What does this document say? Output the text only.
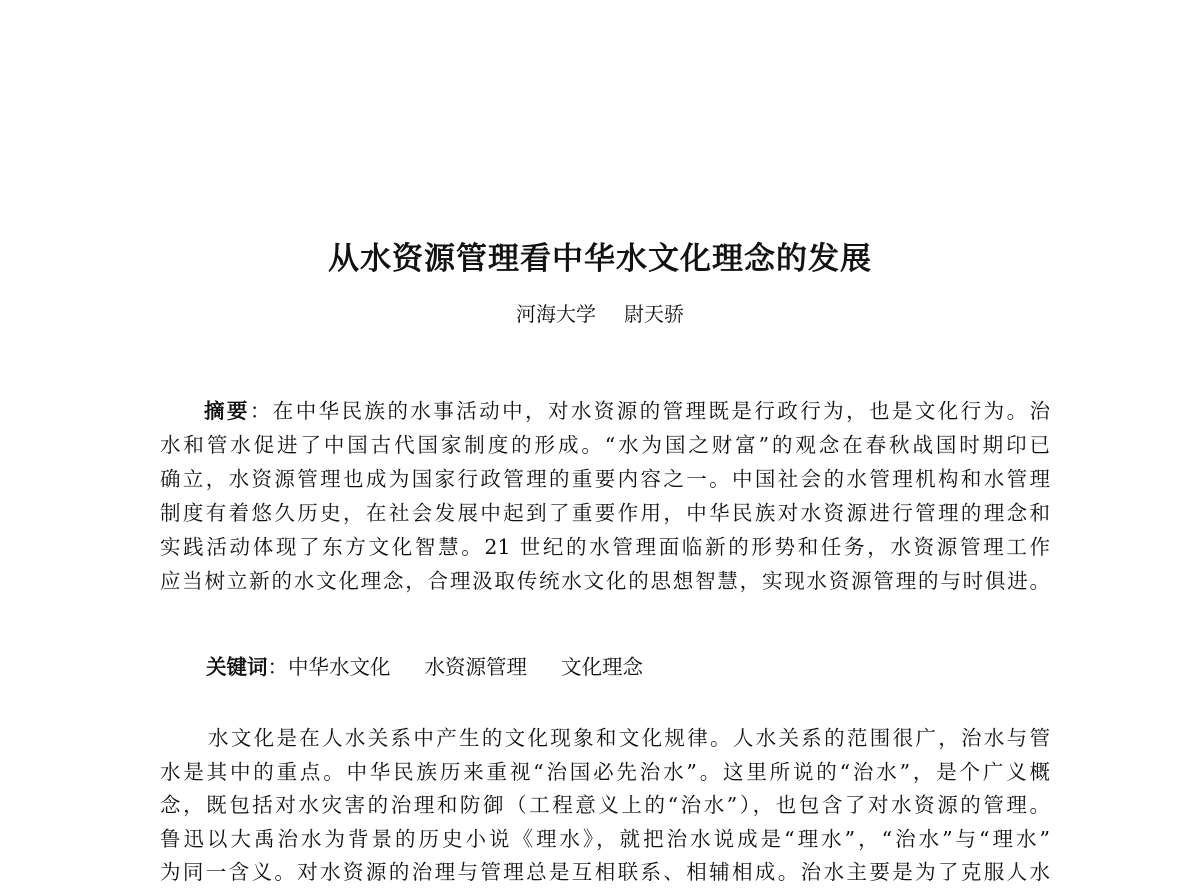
从水资源管理看中华水文化理念的发展
河海大学 尉天骄
摘要：在中华民族的水事活动中，对水资源的管理既是行政行为，也是文化行为。治
水和管水促进了中国古代国家制度的形成。“水为国之财富”的观念在春秋战国时期印已
确立，水资源管理也成为国家行政管理的重要内容之一。中国社会的水管理机构和水管理
制度有着悠久历史，在社会发展中起到了重要作用，中华民族对水资源进行管理的理念和
实践活动体现了东方文化智慧。21 世纪的水管理面临新的形势和任务，水资源管理工作
应当树立新的水文化理念，合理汲取传统水文化的思想智慧，实现水资源管理的与时俱进。
关键词：中华水文化 水资源管理 文化理念
水文化是在人水关系中产生的文化现象和文化规律。人水关系的范围很广，治水与管
水是其中的重点。中华民族历来重视“治国必先治水”。这里所说的“治水”，是个广义概
念，既包括对水灾害的治理和防御（工程意义上的“治水”），也包含了对水资源的管理。
鲁迅以大禹治水为背景的历史小说《理水》，就把治水说成是“理水”，“治水”与“理水”
为同一含义。对水资源的治理与管理总是互相联系、相辅相成。治水主要是为了克服人水
